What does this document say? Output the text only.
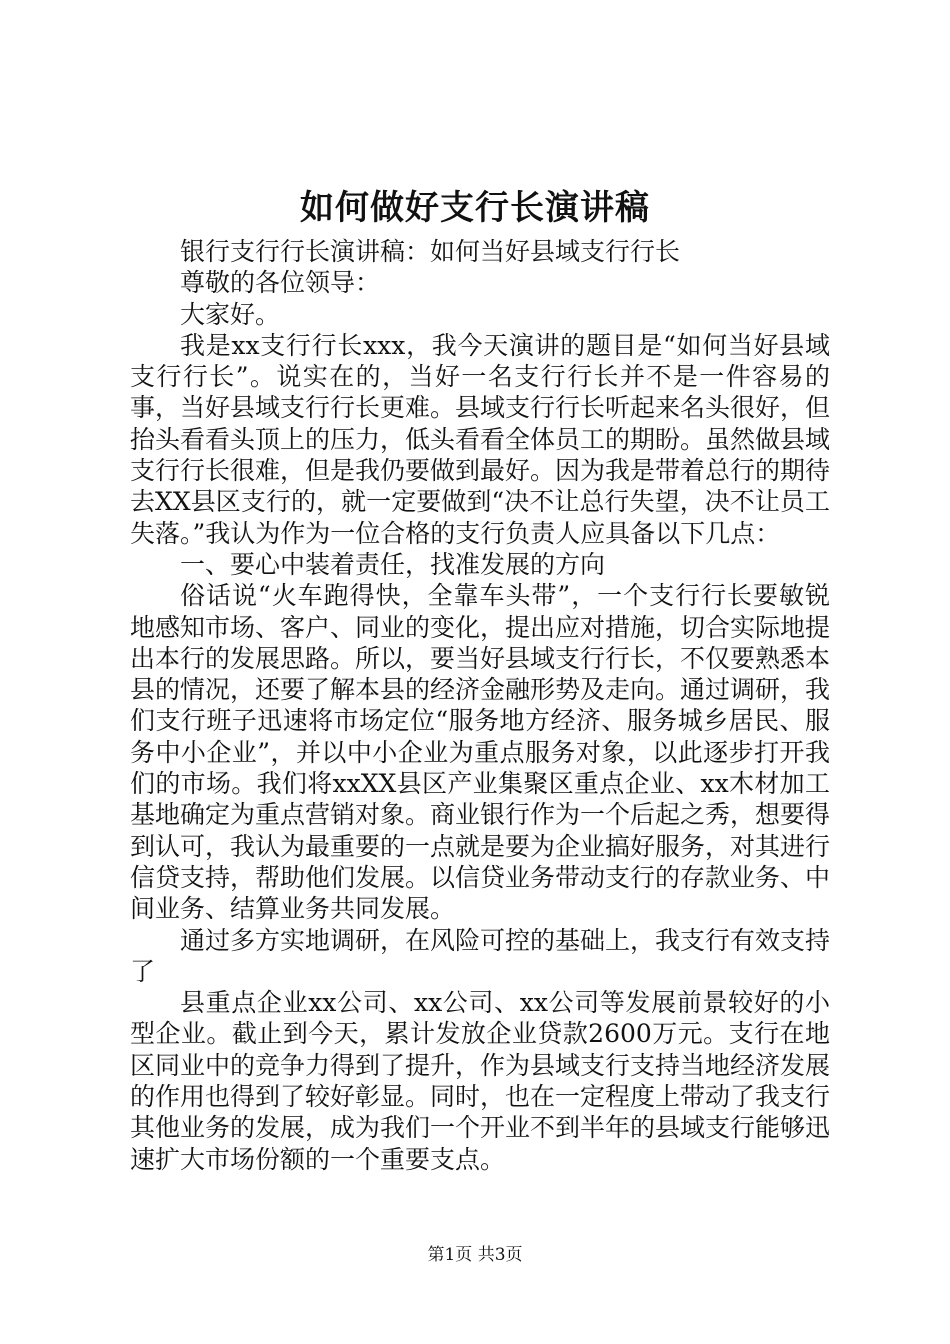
如何做好支行长演讲稿

银行支行行长演讲稿：如何当好县域支行行长

尊敬的各位领导：

大家好。

我是xx支行行长xxx，我今天演讲的题目是“如何当好县域支行行长”。说实在的，当好一名支行行长并不是一件容易的事，当好县域支行行长更难。县域支行行长听起来名头很好，但抬头看看头顶上的压力，低头看看全体员工的期盼。虽然做县域支行行长很难，但是我仍要做到最好。因为我是带着总行的期待去XX县区支行的，就一定要做到“决不让总行失望，决不让员工失落。”我认为作为一位合格的支行负责人应具备以下几点：

一、要心中装着责任，找准发展的方向

俗话说“火车跑得快，全靠车头带”，一个支行行长要敏锐地感知市场、客户、同业的变化，提出应对措施，切合实际地提出本行的发展思路。所以，要当好县域支行行长，不仅要熟悉本县的情况，还要了解本县的经济金融形势及走向。通过调研，我们支行班子迅速将市场定位“服务地方经济、服务城乡居民、服务中小企业”，并以中小企业为重点服务对象，以此逐步打开我们的市场。我们将xxXX县区产业集聚区重点企业、xx木材加工基地确定为重点营销对象。商业银行作为一个后起之秀，想要得到认可，我认为最重要的一点就是要为企业搞好服务，对其进行信贷支持，帮助他们发展。以信贷业务带动支行的存款业务、中间业务、结算业务共同发展。

通过多方实地调研，在风险可控的基础上，我支行有效支持了

县重点企业xx公司、xx公司、xx公司等发展前景较好的小型企业。截止到今天，累计发放企业贷款2600万元。支行在地区同业中的竞争力得到了提升，作为县域支行支持当地经济发展的作用也得到了较好彰显。同时，也在一定程度上带动了我支行其他业务的发展，成为我们一个开业不到半年的县域支行能够迅速扩大市场份额的一个重要支点。

第1页 共3页
